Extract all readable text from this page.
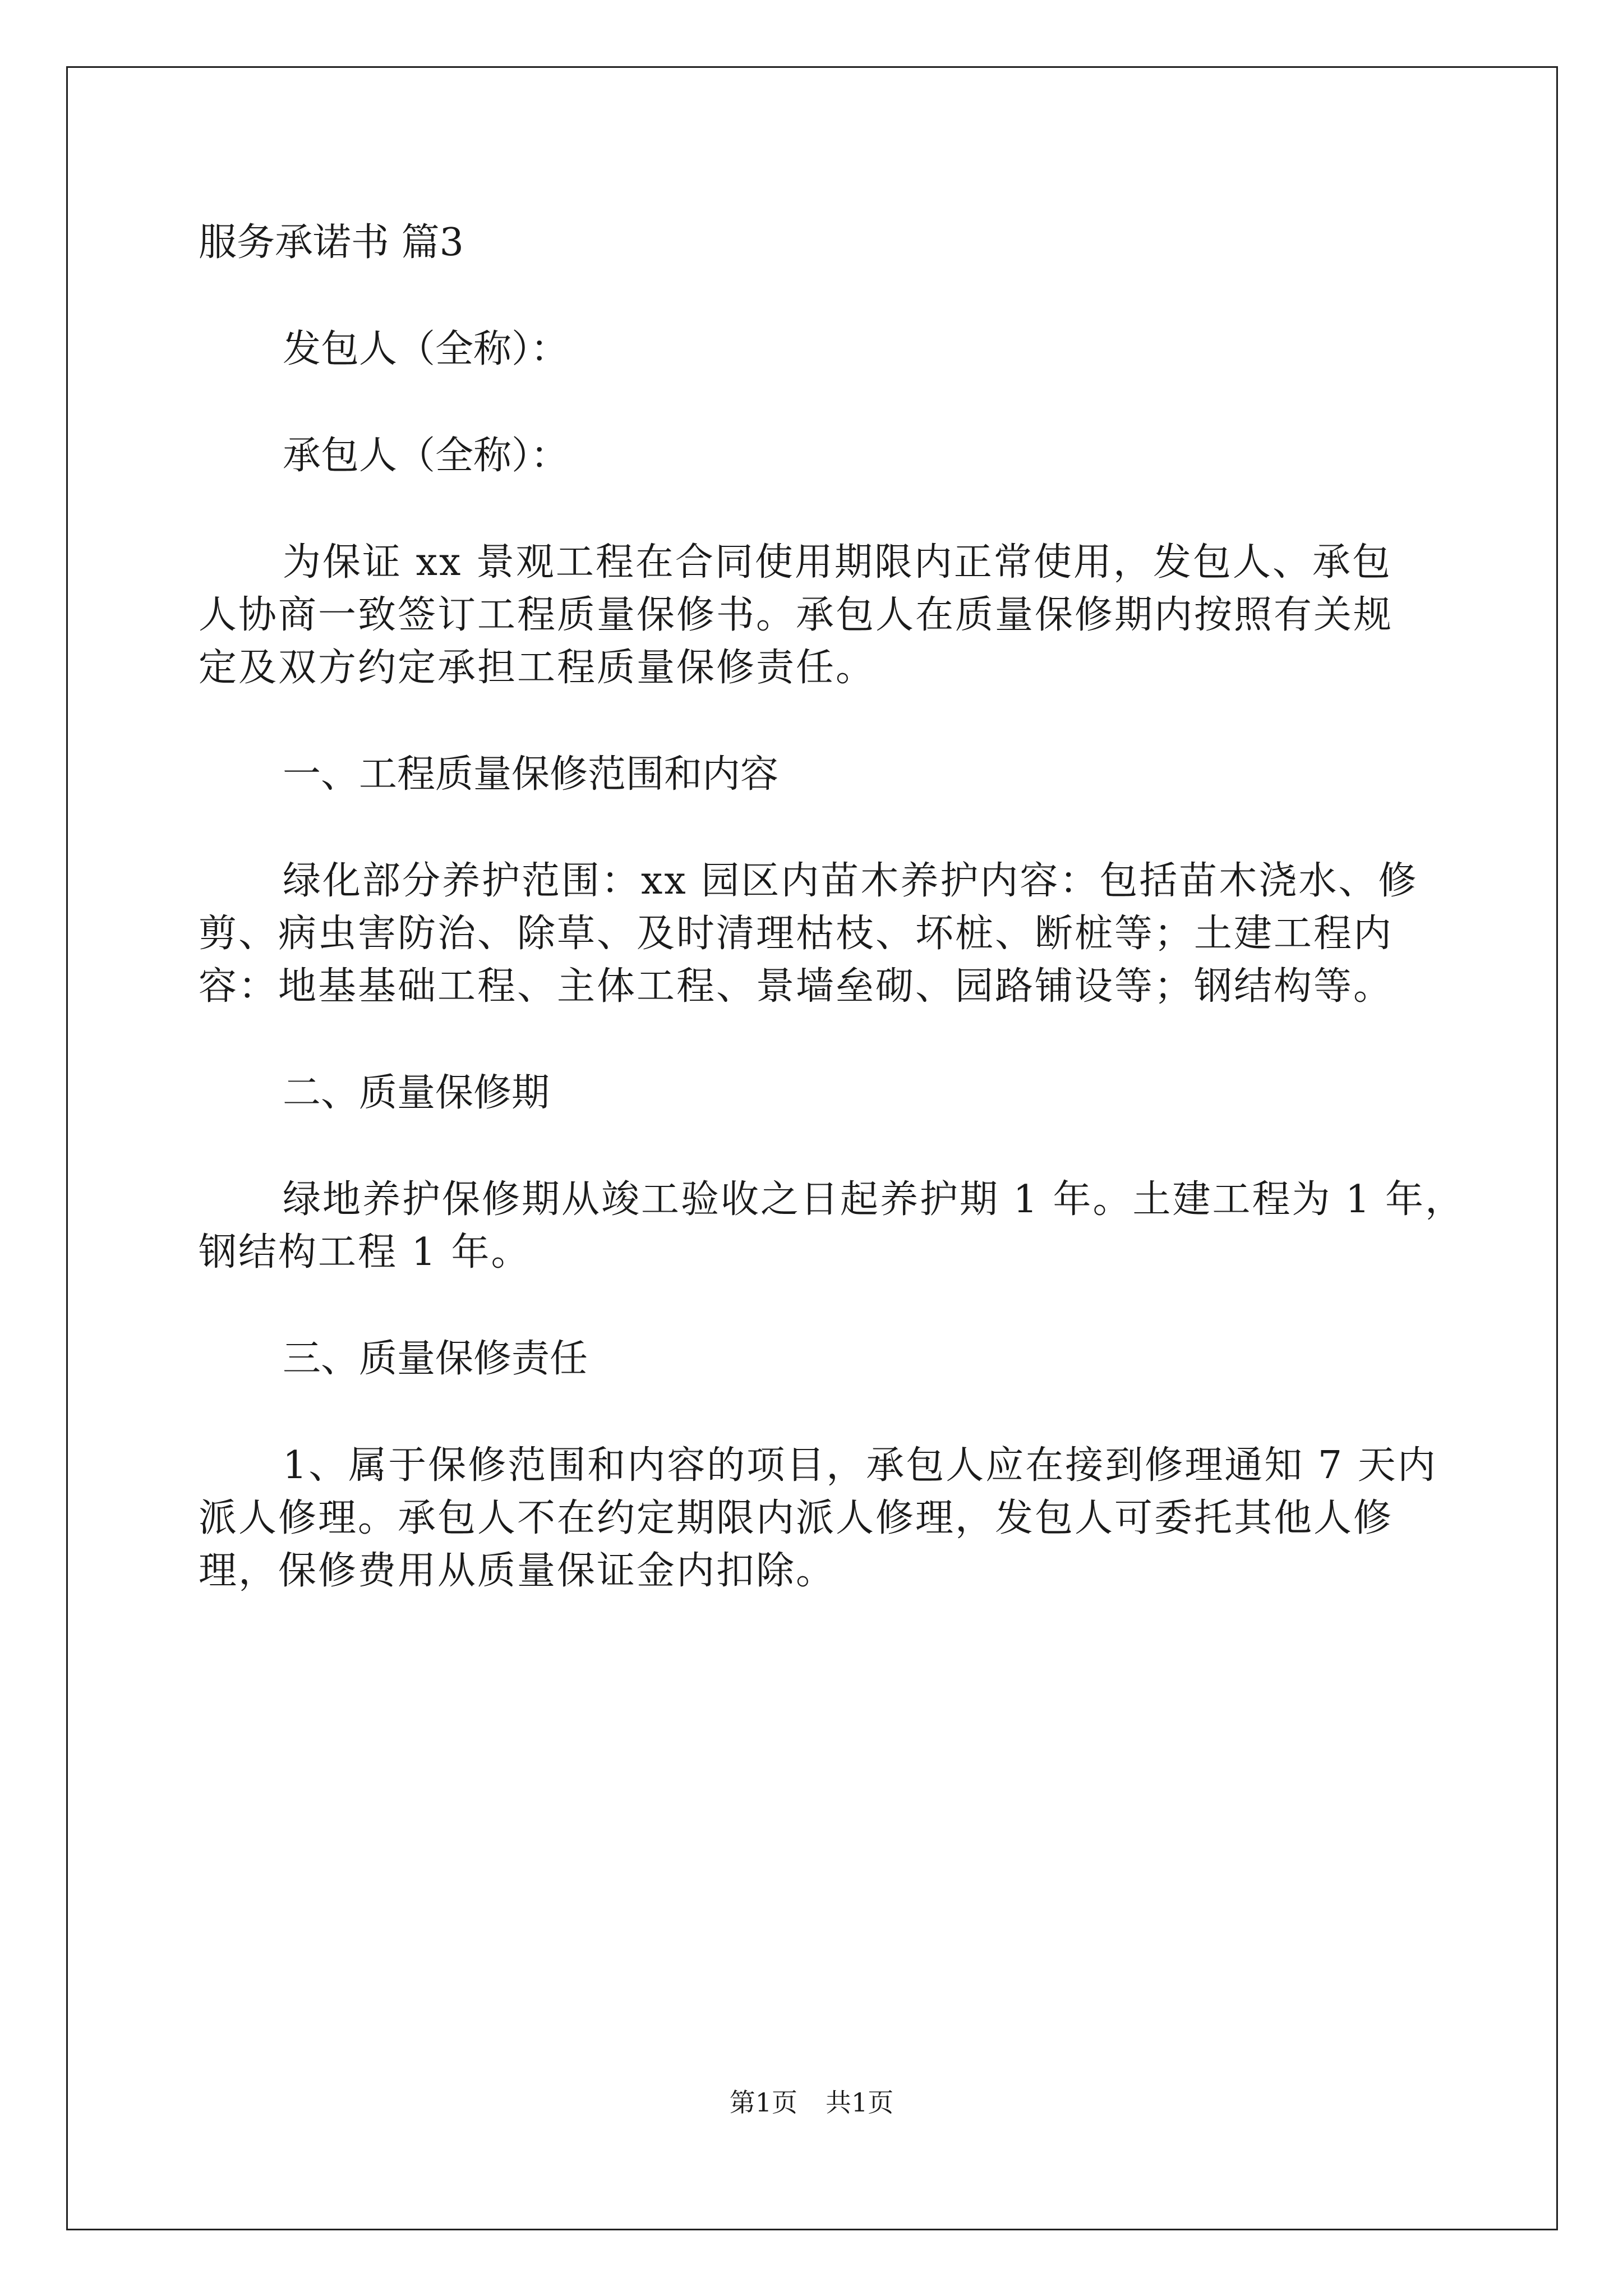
服务承诺书 篇3
发包人（全称）：
承包人（全称）：
为保证 xx 景观工程在合同使用期限内正常使用，发包人、承包
人协商一致签订工程质量保修书。承包人在质量保修期内按照有关规
定及双方约定承担工程质量保修责任。
一、工程质量保修范围和内容
绿化部分养护范围：xx 园区内苗木养护内容：包括苗木浇水、修
剪、病虫害防治、除草、及时清理枯枝、坏桩、断桩等；土建工程内
容：地基基础工程、主体工程、景墙垒砌、园路铺设等；钢结构等。
二、质量保修期
绿地养护保修期从竣工验收之日起养护期 1 年。土建工程为 1 年，
钢结构工程 1 年。
三、质量保修责任
1、属于保修范围和内容的项目，承包人应在接到修理通知 7 天内
派人修理。承包人不在约定期限内派人修理，发包人可委托其他人修
理，保修费用从质量保证金内扣除。
第1页 共1页
